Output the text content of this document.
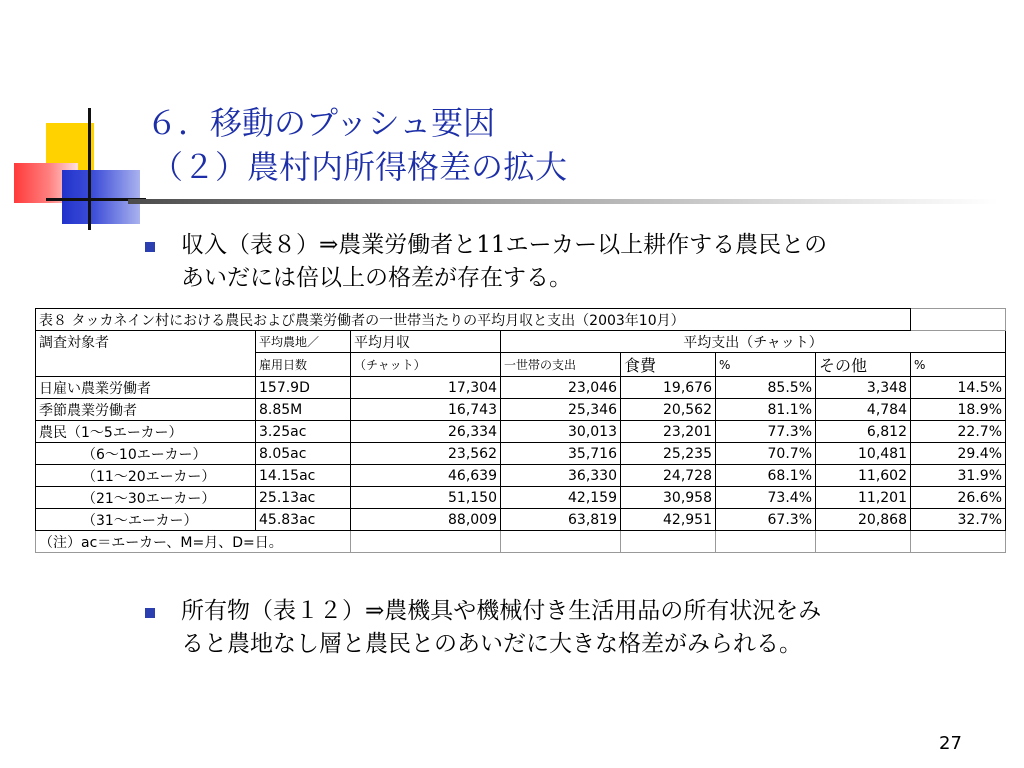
６．移動のプッシュ要因
（２）農村内所得格差の拡大
収入（表８）⇒農業労働者と11エーカー以上耕作する農民との
あいだには倍以上の格差が存在する。
表８ タッカネイン村における農民および農業労働者の一世帯当たりの平均月収と支出（2003年10月）							
調査対象者	平均農地／	平均月収	平均支出（チャット）				
	雇用日数	（チャット）	一世帯の支出	食費	%	その他	%
日雇い農業労働者	157.9D	17,304	23,046	19,676	85.5%	3,348	14.5%
季節農業労働者	8.85M	16,743	25,346	20,562	81.1%	4,784	18.9%
農民（1～5エーカー）	3.25ac	26,334	30,013	23,201	77.3%	6,812	22.7%
（6～10エーカー）	8.05ac	23,562	35,716	25,235	70.7%	10,481	29.4%
（11～20エーカー）	14.15ac	46,639	36,330	24,728	68.1%	11,602	31.9%
（21～30エーカー）	25.13ac	51,150	42,159	30,958	73.4%	11,201	26.6%
（31～エーカー）	45.83ac	88,009	63,819	42,951	67.3%	20,868	32.7%
（注）ac＝エーカー、M=月、D=日。							
所有物（表１２）⇒農機具や機械付き生活用品の所有状況をみ
ると農地なし層と農民とのあいだに大きな格差がみられる。
27
